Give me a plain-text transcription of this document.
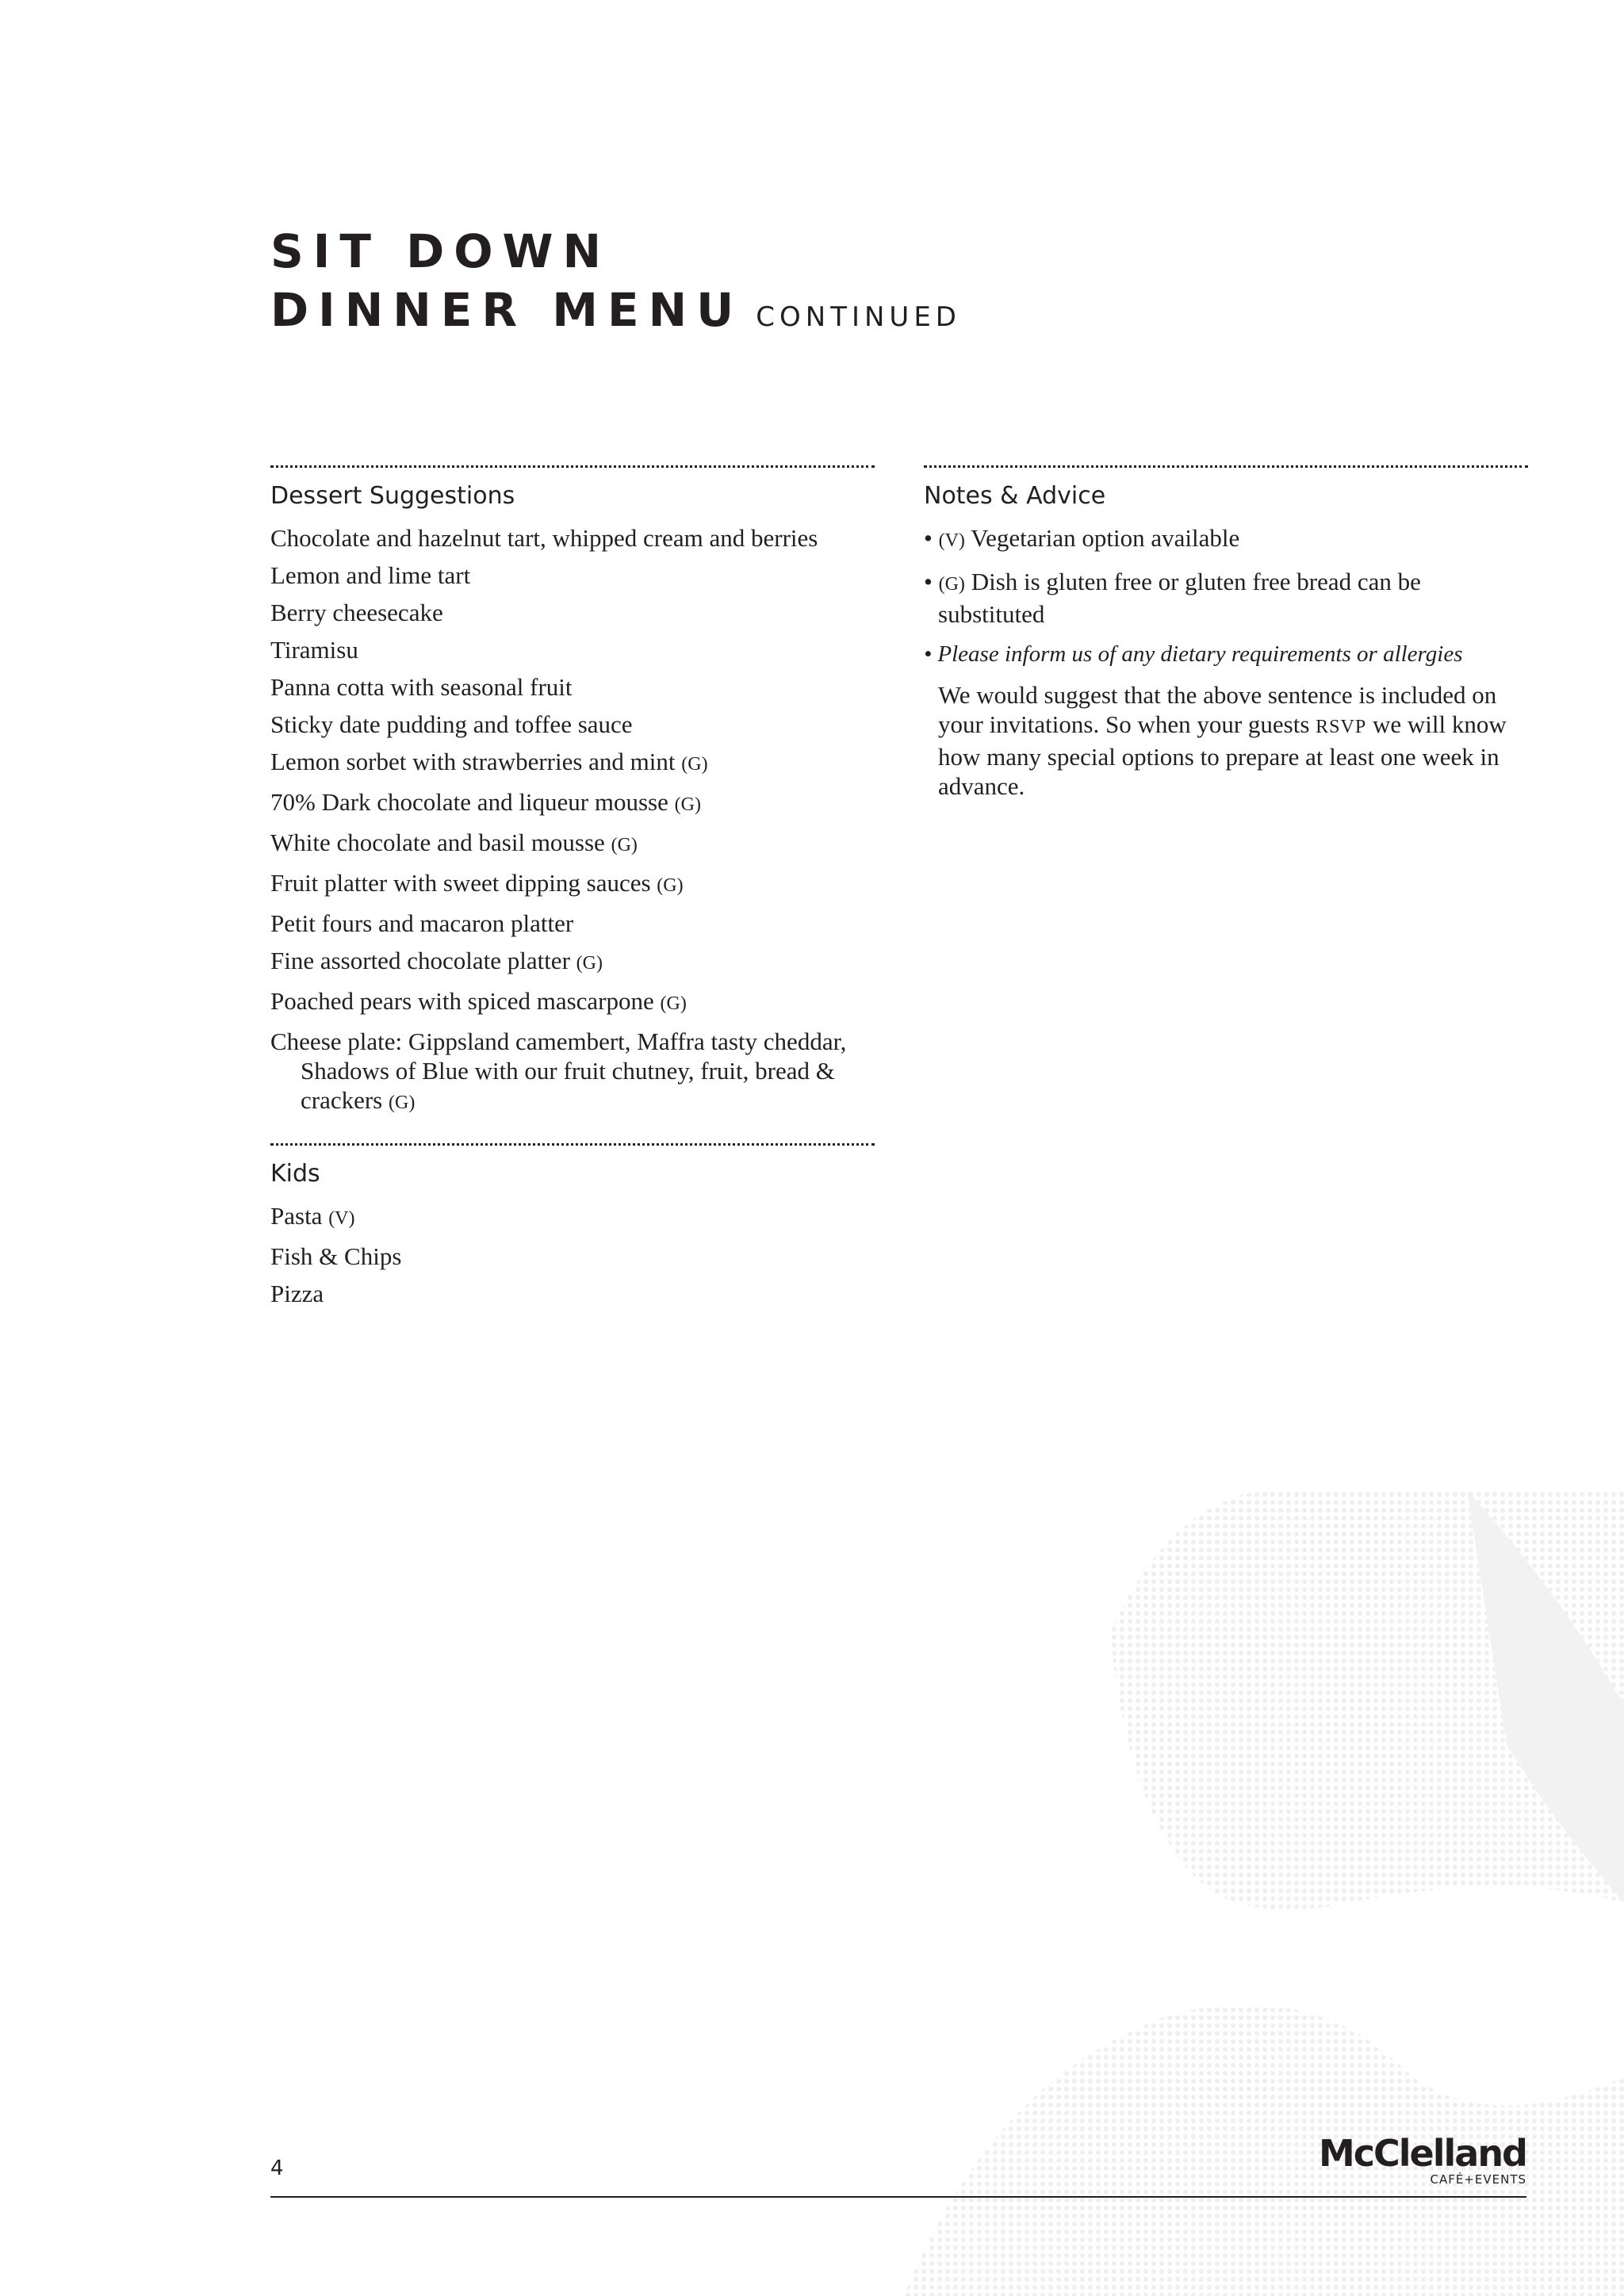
SIT DOWN
DINNER MENU CONTINUED
Dessert Suggestions
Chocolate and hazelnut tart, whipped cream and berries
Lemon and lime tart
Berry cheesecake
Tiramisu
Panna cotta with seasonal fruit
Sticky date pudding and toffee sauce
Lemon sorbet with strawberries and mint (G)
70% Dark chocolate and liqueur mousse (G)
White chocolate and basil mousse (G)
Fruit platter with sweet dipping sauces (G)
Petit fours and macaron platter
Fine assorted chocolate platter (G)
Poached pears with spiced mascarpone (G)
Cheese plate: Gippsland camembert, Maffra tasty cheddar, Shadows of Blue with our fruit chutney, fruit, bread & crackers (G)
Kids
Pasta (V)
Fish & Chips
Pizza
Notes & Advice
• (V) Vegetarian option available
• (G) Dish is gluten free or gluten free bread can be substituted
• Please inform us of any dietary requirements or allergies

We would suggest that the above sentence is included on your invitations. So when your guests RSVP we will know how many special options to prepare at least one week in advance.

4	McClelland
CAFÉ+EVENTS
